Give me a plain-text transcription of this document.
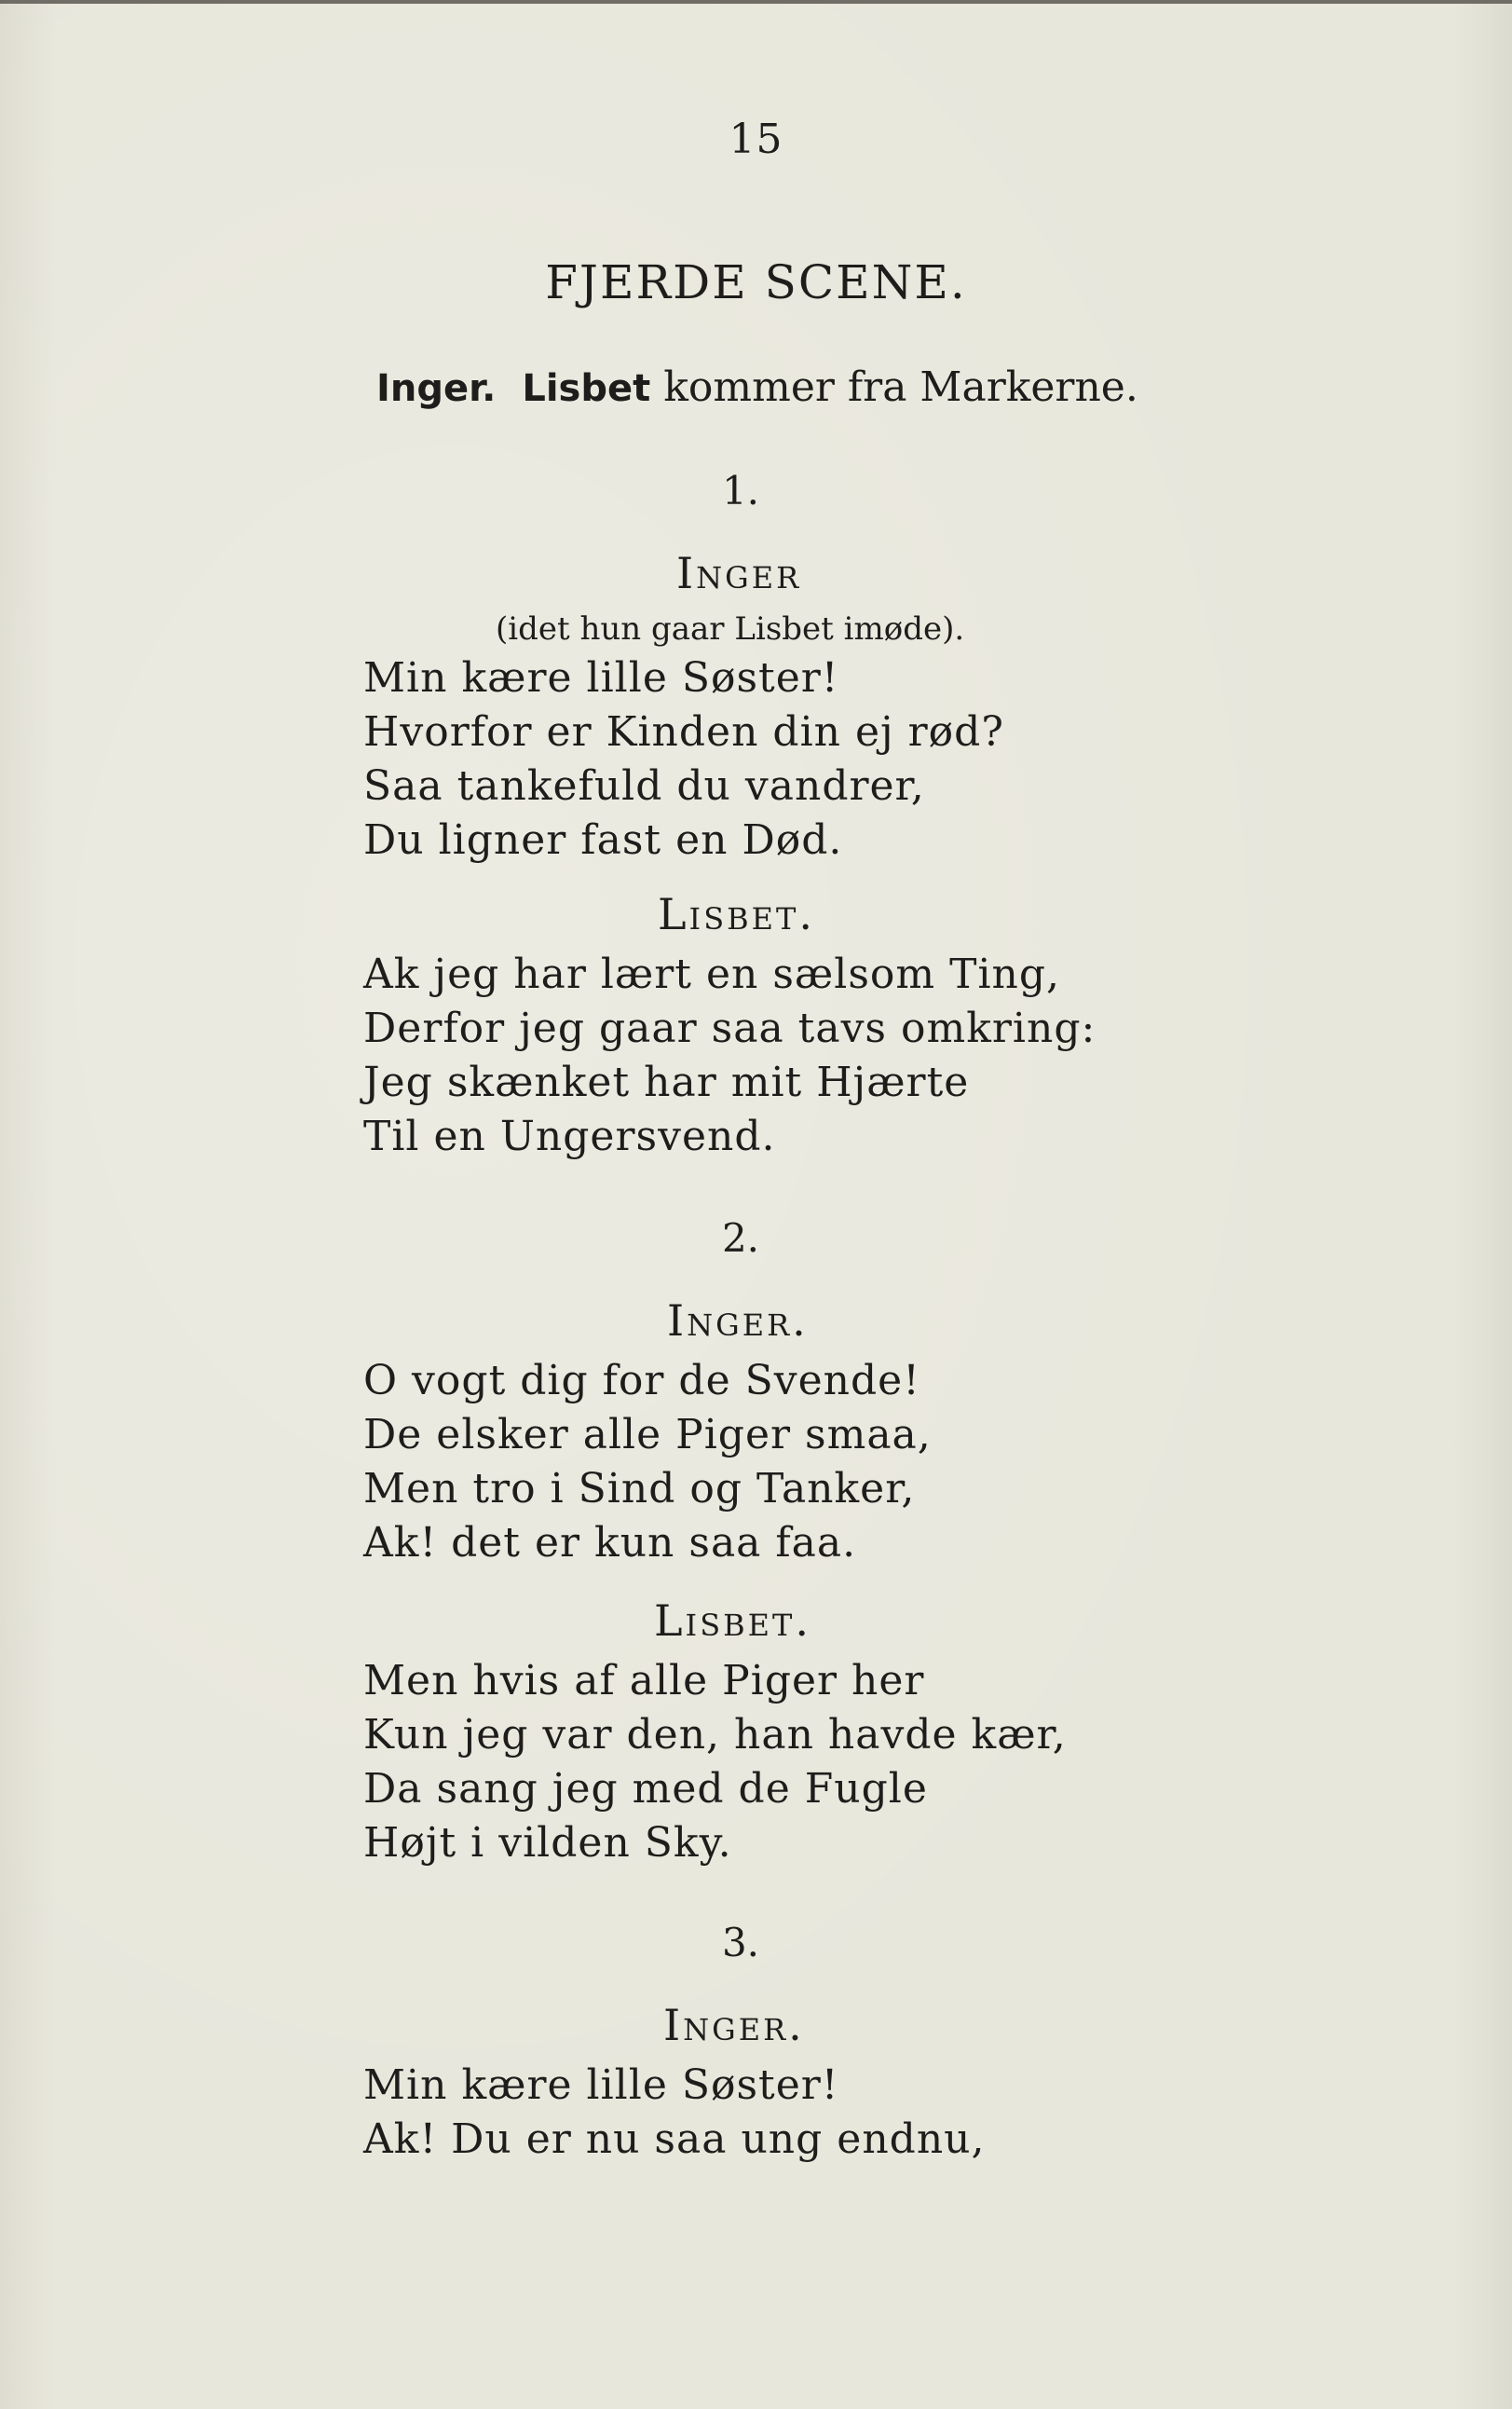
15
FJERDE SCENE.
Inger. Lisbet kommer fra Markerne.
1.
Inger
(idet hun gaar Lisbet imøde).
Min kære lille Søster!
Hvorfor er Kinden din ej rød?
Saa tankefuld du vandrer,
Du ligner fast en Død.
Lisbet.
Ak jeg har lært en sælsom Ting,
Derfor jeg gaar saa tavs omkring:
Jeg skænket har mit Hjærte
Til en Ungersvend.
2.
Inger.
O vogt dig for de Svende!
De elsker alle Piger smaa,
Men tro i Sind og Tanker,
Ak! det er kun saa faa.
Lisbet.
Men hvis af alle Piger her
Kun jeg var den, han havde kær,
Da sang jeg med de Fugle
Højt i vilden Sky.
3.
Inger.
Min kære lille Søster!
Ak! Du er nu saa ung endnu,
